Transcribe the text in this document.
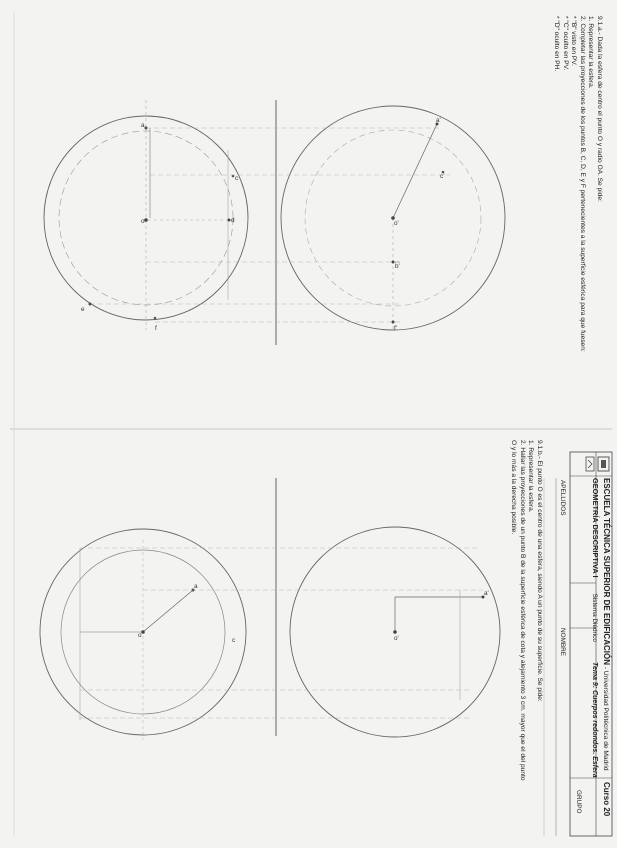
a
o	d
e
f
c
a'
o'
b'
f'
c'
a
o
c
a'
o'
9.1.a.- Dada la esfera de centro el punto O y radio OA. Se pide:
1. Representar la esfera.
2. Completar las proyecciones de los puntos B, C, D, E y F pertenecientes a la superficie esférica para que fuesen:
* "B" visto en PV.
* "C" oculto en PV.
* "D" oculto en PH.
ESCUELA TÉCNICA SUPERIOR DE EDIFICACIÓN - Universidad Politécnica de Madrid
GEOMETRÍA DESCRIPTIVA I Sistema Diédrico Tema 9: Cuerpos redondos. Esfera
Curso 20
APELLIDOS
NOMBRE
GRUPO
9.1.b.- El punto O es el centro de una esfera, siendo A un punto de su superficie. Se pide:
1. Representar la esfera.
2. Hallar las proyecciones de un punto B de la superficie esférica de cota y alejamiento 3 cm. mayor que el del punto
O y lo más a la derecha posible.
